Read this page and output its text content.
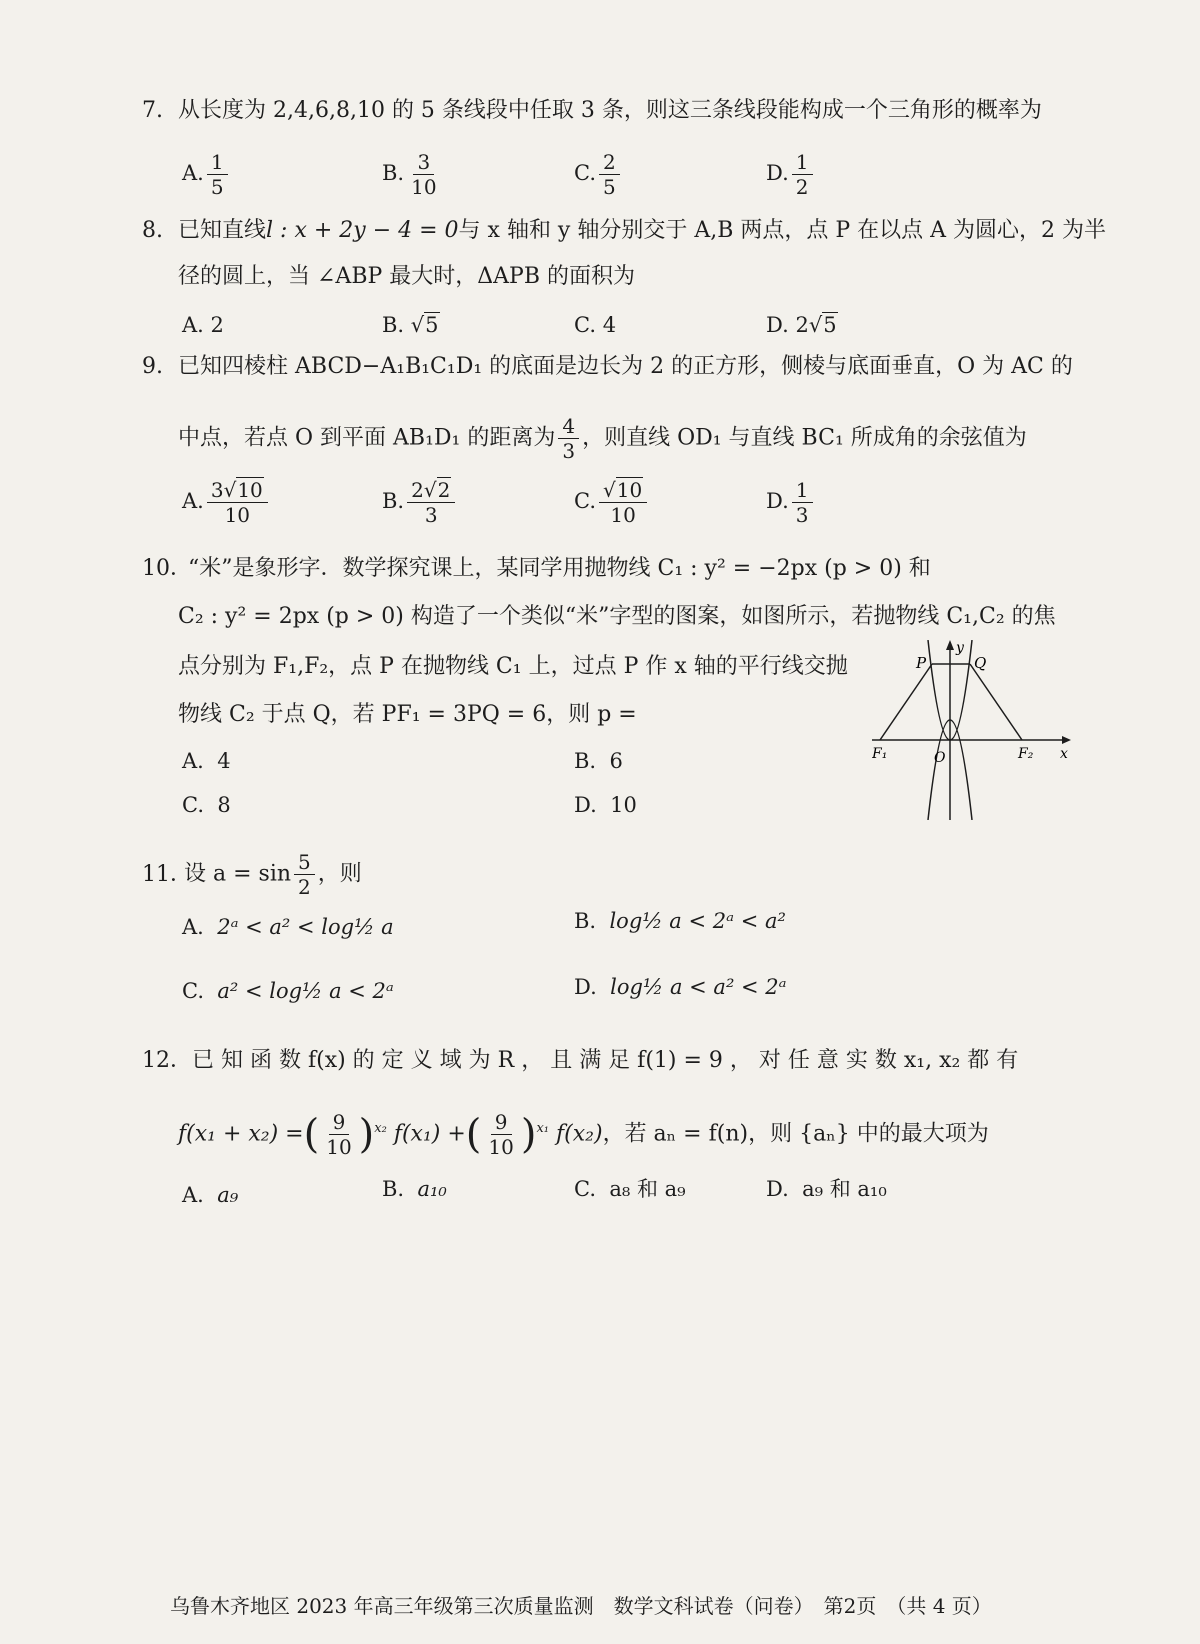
7. 从长度为 2,4,6,8,10 的 5 条线段中任取 3 条，则这三条线段能构成一个三角形的概率为
A. $\frac{1}{5}$	B. $\frac{3}{10}$	C. $\frac{2}{5}$	D. $\frac{1}{2}$
8. 已知直线l : x + 2y − 4 = 0与 x 轴和 y 轴分别交于 A,B 两点，点 P 在以点 A 为圆心，2 为半
径的圆上，当 ∠ABP 最大时，ΔAPB 的面积为
A. 2	B. √5	C. 4	D. 2√5
9. 已知四棱柱 ABCD−A₁B₁C₁D₁ 的底面是边长为 2 的正方形，侧棱与底面垂直，O 为 AC 的
中点，若点 O 到平面 AB₁D₁ 的距离为 $\frac{4}{3}$ ，则直线 OD₁ 与直线 BC₁ 所成角的余弦值为
A. $\frac{3√10}{10}$	B. $\frac{2√2}{3}$	C. $\frac{√10}{10}$	D. $\frac{1}{3}$
10．“米”是象形字．数学探究课上，某同学用抛物线 C₁ : y² = −2px (p > 0) 和
C₂ : y² = 2px (p > 0) 构造了一个类似“米”字型的图案，如图所示，若抛物线 C₁,C₂ 的焦
点分别为 F₁,F₂，点 P 在抛物线 C₁ 上，过点 P 作 x 轴的平行线交抛
物线 C₂ 于点 Q，若 PF₁ = 3PQ = 6，则 p =
A. 4	B. 6
C. 8	D. 10
P	Q
y
x
F₁	F₂
O
11．设 $a = \sin \frac{5}{2}$ ，则
A. 2ᵃ < a² < log½ a	B. log½ a < 2ᵃ < a²
C. a² < log½ a < 2ᵃ	D. log½ a < a² < 2ᵃ
12．已 知 函 数 f(x) 的 定 义 域 为 R ， 且 满 足 f(1) = 9 ， 对 任 意 实 数 x₁, x₂ 都 有
f(x₁ + x₂) =( $\frac{9}{10} )^{x_2}$ f(x₁) +( $\frac{9}{10} )^{x_1}$ f(x₂)，若 aₙ = f(n)，则 {aₙ} 中的最大项为
A. a₉	B. a₁₀	C. a₈ 和 a₉	D. a₉ 和 a₁₀
乌鲁木齐地区 2023 年高三年级第三次质量监测　数学文科试卷（问卷）　第2页　（共 4 页）
